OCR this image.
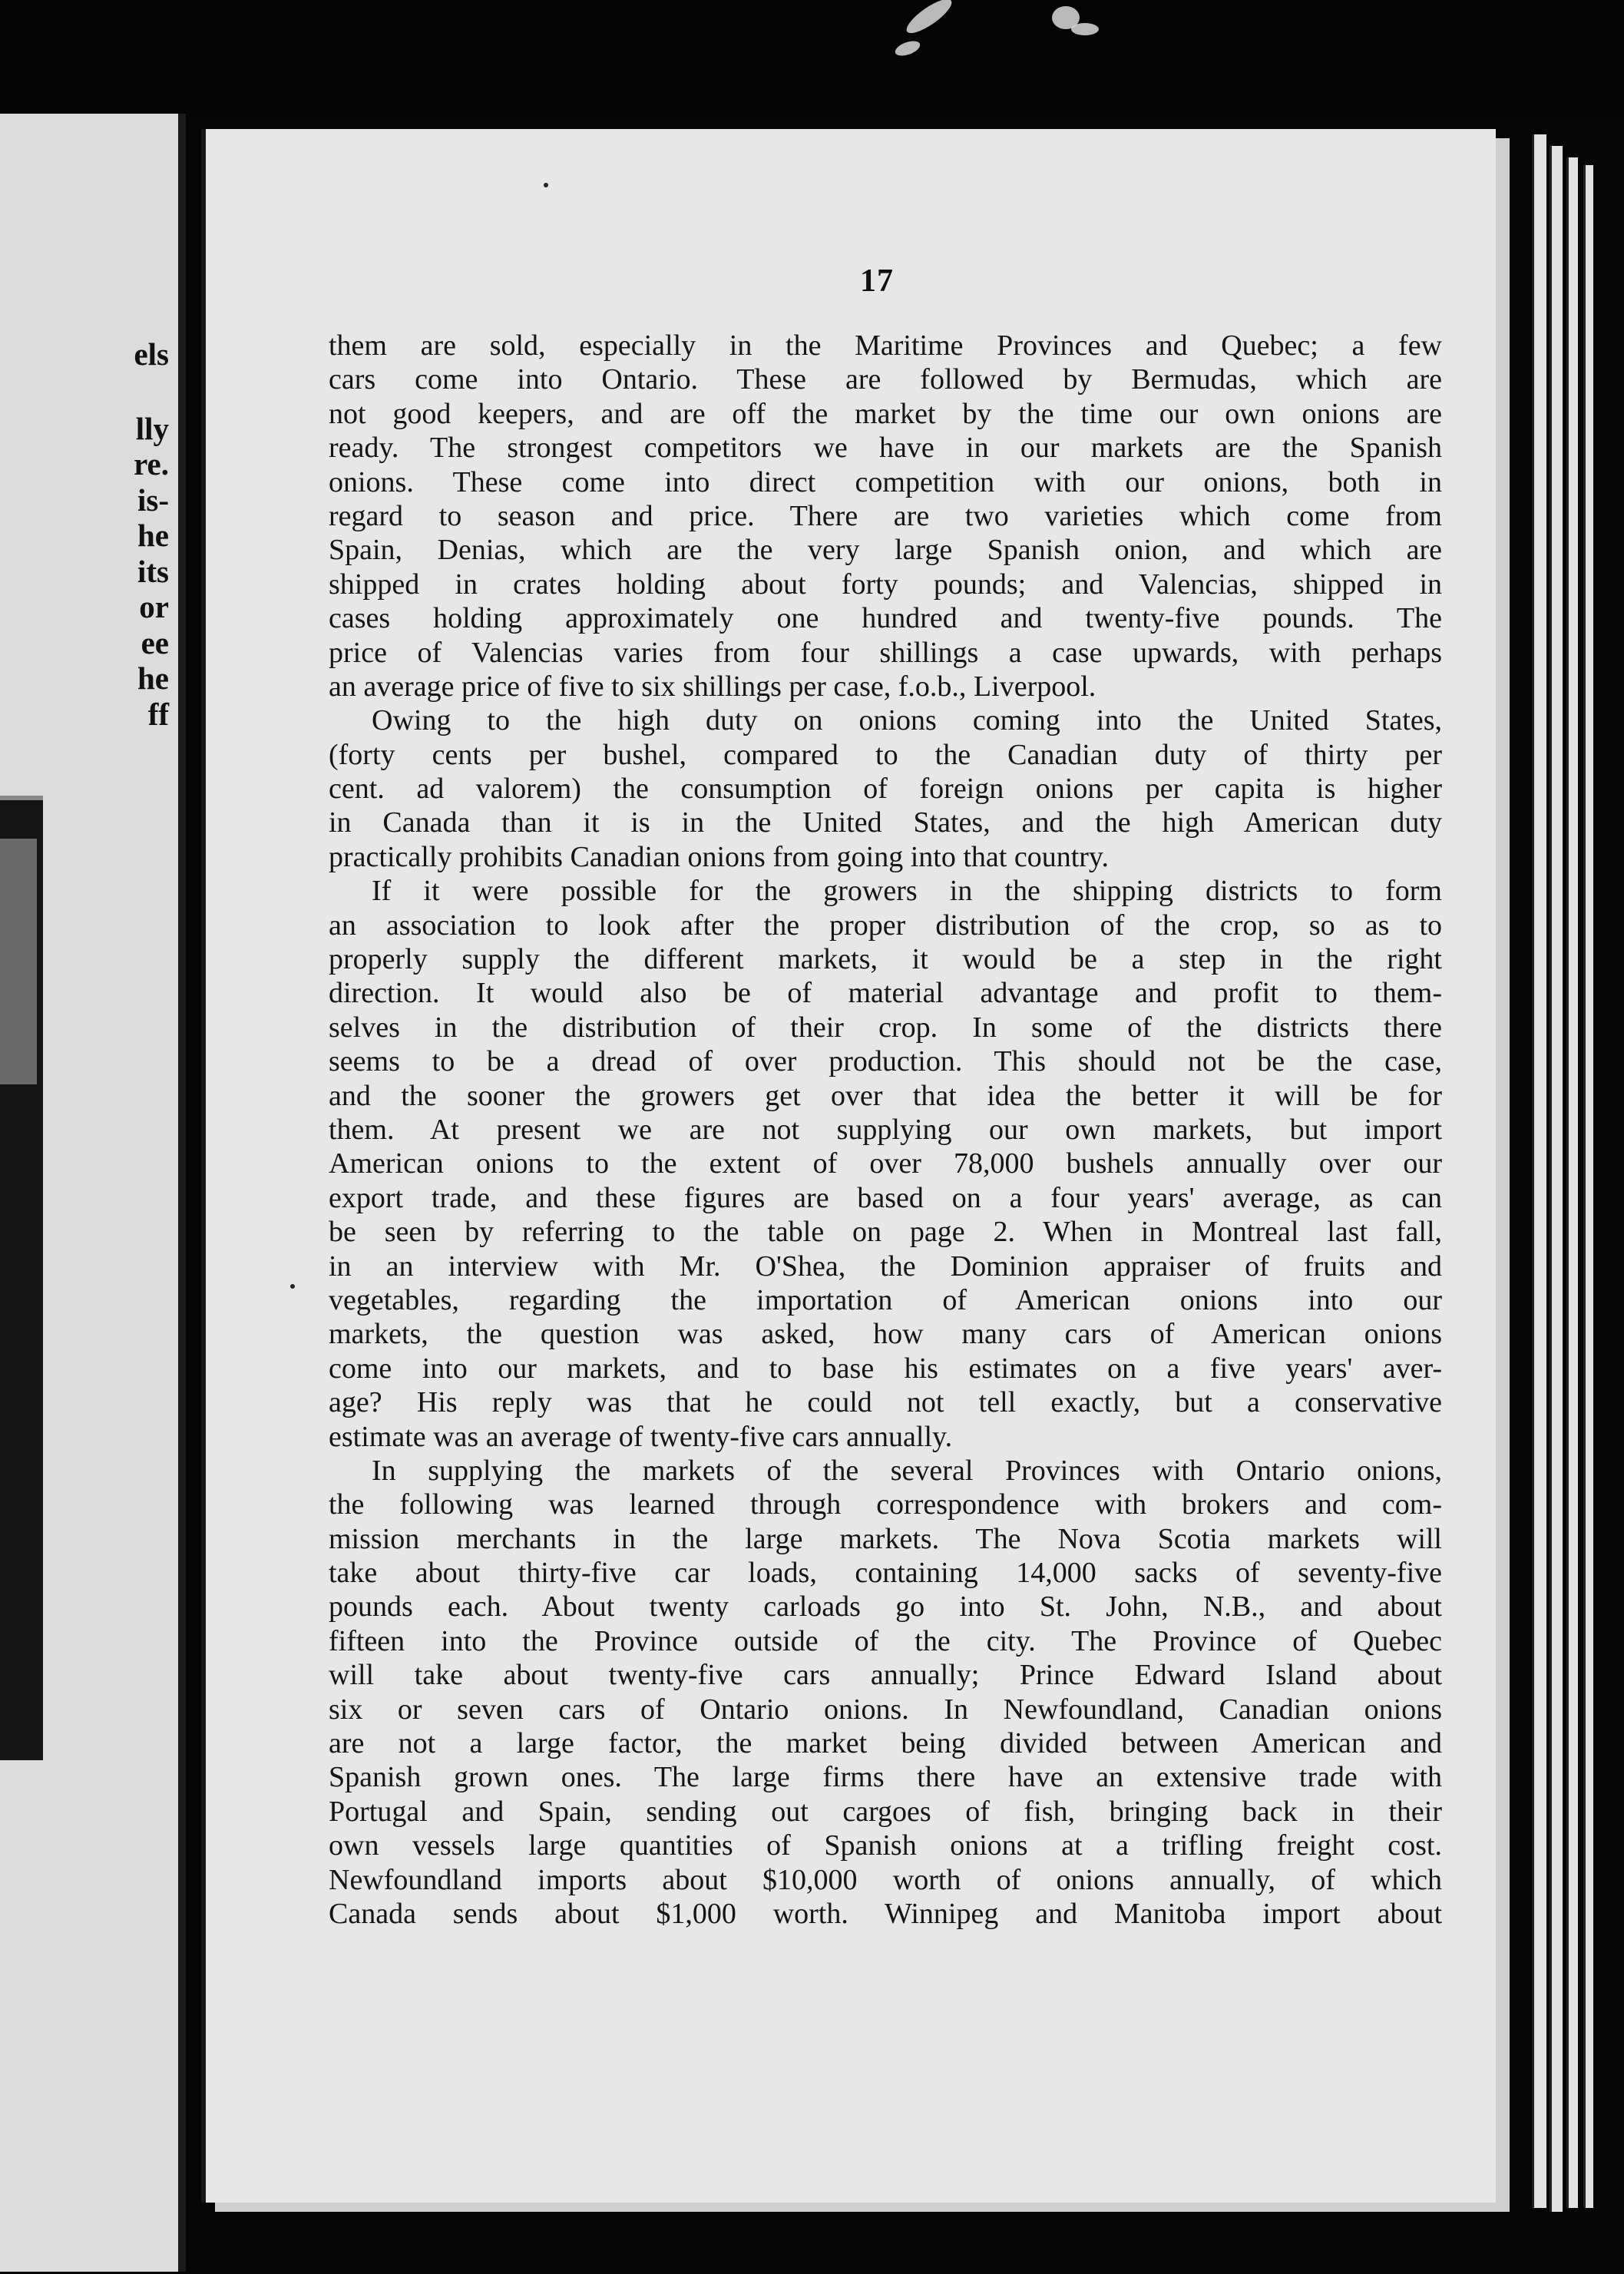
els
lly
re.
is-
he
its
or
ee
he
ff
17
them are sold, especially in the Maritime Provinces and Quebec; a few
cars come into Ontario. These are followed by Bermudas, which are
not good keepers, and are off the market by the time our own onions are
ready. The strongest competitors we have in our markets are the Spanish
onions. These come into direct competition with our onions, both in
regard to season and price. There are two varieties which come from
Spain, Denias, which are the very large Spanish onion, and which are
shipped in crates holding about forty pounds; and Valencias, shipped in
cases holding approximately one hundred and twenty-five pounds. The
price of Valencias varies from four shillings a case upwards, with perhaps
an average price of five to six shillings per case, f.o.b., Liverpool.
Owing to the high duty on onions coming into the United States,
(forty cents per bushel, compared to the Canadian duty of thirty per
cent. ad valorem) the consumption of foreign onions per capita is higher
in Canada than it is in the United States, and the high American duty
practically prohibits Canadian onions from going into that country.
If it were possible for the growers in the shipping districts to form
an association to look after the proper distribution of the crop, so as to
properly supply the different markets, it would be a step in the right
direction. It would also be of material advantage and profit to them-
selves in the distribution of their crop. In some of the districts there
seems to be a dread of over production. This should not be the case,
and the sooner the growers get over that idea the better it will be for
them. At present we are not supplying our own markets, but import
American onions to the extent of over 78,000 bushels annually over our
export trade, and these figures are based on a four years' average, as can
be seen by referring to the table on page 2. When in Montreal last fall,
in an interview with Mr. O'Shea, the Dominion appraiser of fruits and
vegetables, regarding the importation of American onions into our
markets, the question was asked, how many cars of American onions
come into our markets, and to base his estimates on a five years' aver-
age? His reply was that he could not tell exactly, but a conservative
estimate was an average of twenty-five cars annually.
In supplying the markets of the several Provinces with Ontario onions,
the following was learned through correspondence with brokers and com-
mission merchants in the large markets. The Nova Scotia markets will
take about thirty-five car loads, containing 14,000 sacks of seventy-five
pounds each. About twenty carloads go into St. John, N.B., and about
fifteen into the Province outside of the city. The Province of Quebec
will take about twenty-five cars annually; Prince Edward Island about
six or seven cars of Ontario onions. In Newfoundland, Canadian onions
are not a large factor, the market being divided between American and
Spanish grown ones. The large firms there have an extensive trade with
Portugal and Spain, sending out cargoes of fish, bringing back in their
own vessels large quantities of Spanish onions at a trifling freight cost.
Newfoundland imports about $10,000 worth of onions annually, of which
Canada sends about $1,000 worth. Winnipeg and Manitoba import about
